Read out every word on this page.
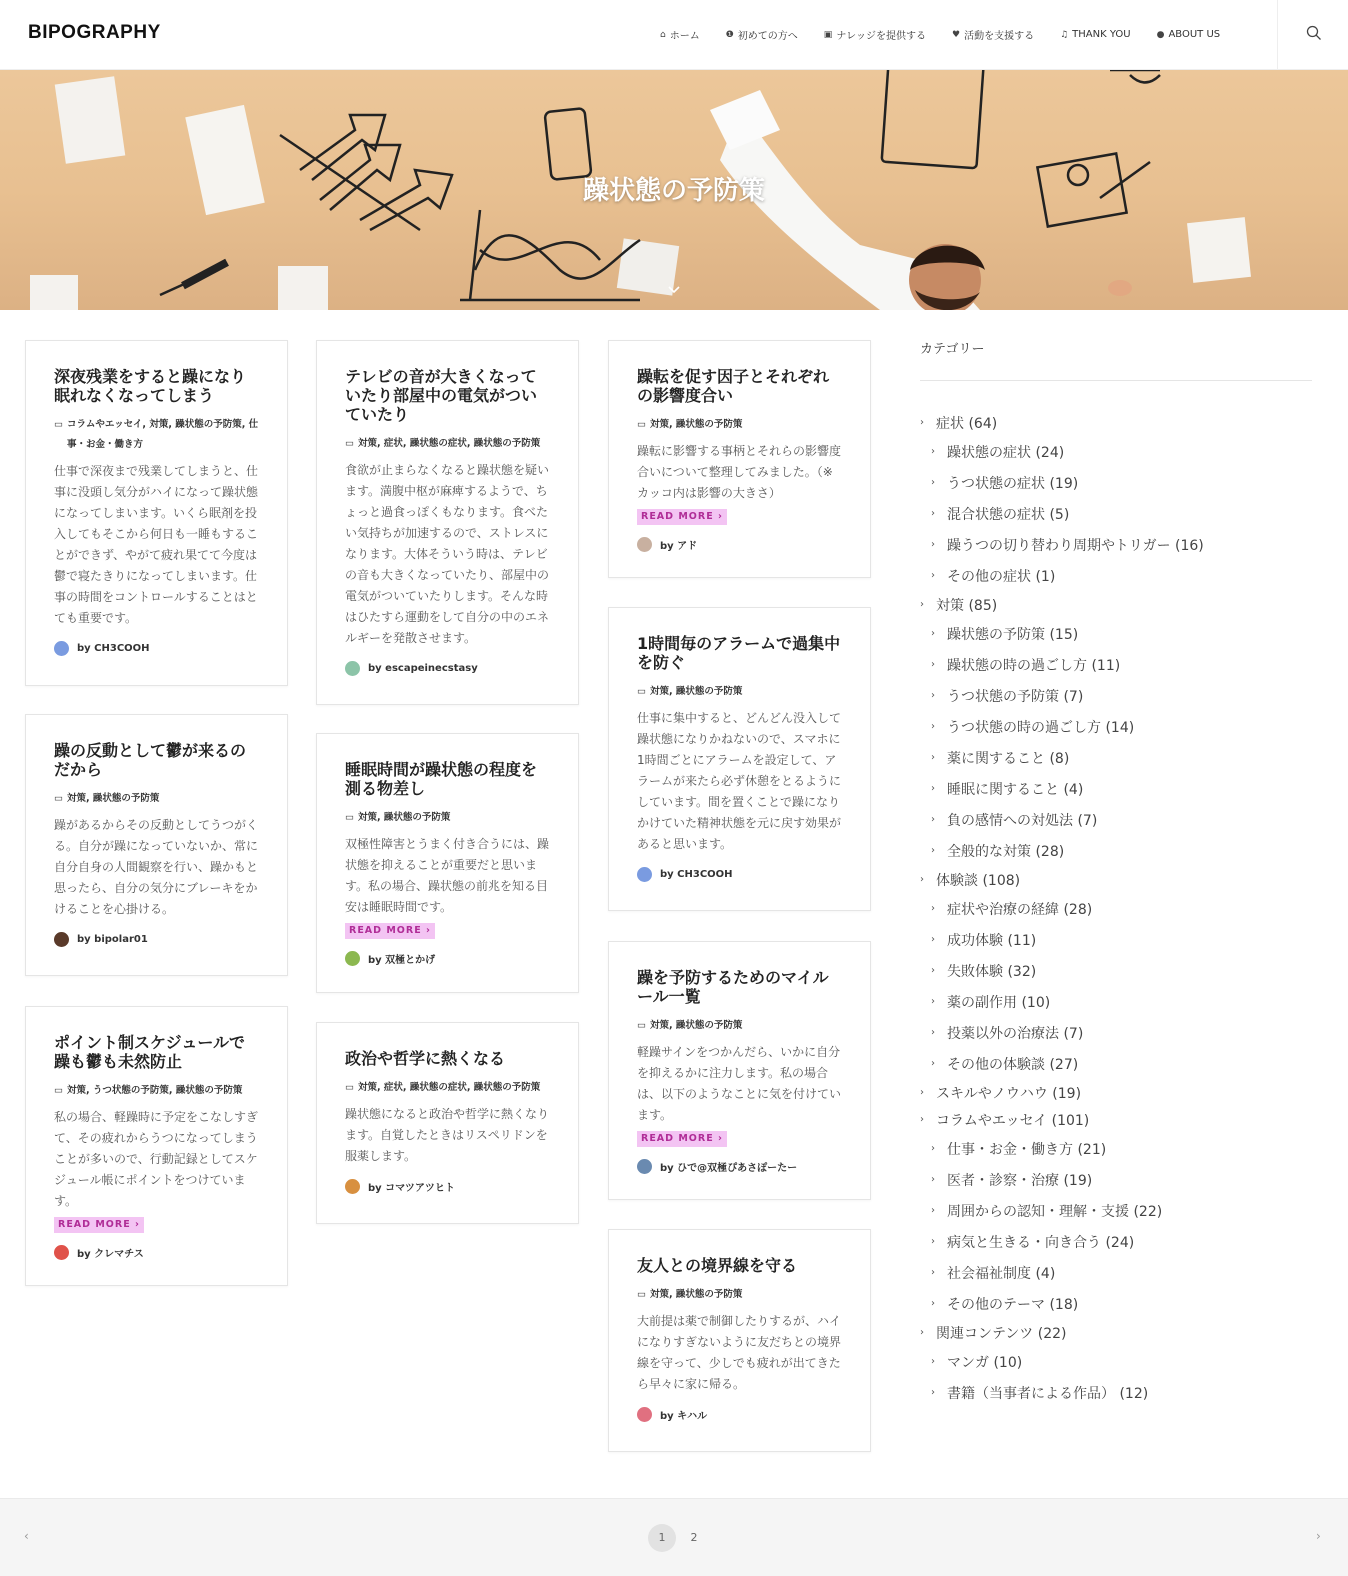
BIPOGRAPHY	⌂ ホーム	❶ 初めての方へ	▣ ナレッジを提供する	♥ 活動を支援する	♫ THANK YOU	● ABOUT US
躁状態の予防策
深夜残業をすると躁になり眠れなくなってしまう
▭ コラムやエッセイ, 対策, 躁状態の予防策, 仕事・お金・働き方
仕事で深夜まで残業してしまうと、仕事に没頭し気分がハイになって躁状態になってしまいます。いくら眠剤を投入してもそこから何日も一睡もすることができず、やがて疲れ果てて今度は鬱で寝たきりになってしまいます。仕事の時間をコントロールすることはとても重要です。
by CH3COOH
躁の反動として鬱が来るのだから
▭ 対策, 躁状態の予防策
躁があるからその反動としてうつがくる。自分が躁になっていないか、常に自分自身の人間観察を行い、躁かもと思ったら、自分の気分にブレーキをかけることを心掛ける。
by bipolar01
ポイント制スケジュールで躁も鬱も未然防止
▭ 対策, うつ状態の予防策, 躁状態の予防策
私の場合、軽躁時に予定をこなしすぎて、その疲れからうつになってしまうことが多いので、行動記録としてスケジュール帳にポイントをつけています。
READ MORE ›
by クレマチス
テレビの音が大きくなっていたり部屋中の電気がついていたり
▭ 対策, 症状, 躁状態の症状, 躁状態の予防策
食欲が止まらなくなると躁状態を疑います。満腹中枢が麻痺するようで、ちょっと過食っぽくもなります。食べたい気持ちが加速するので、ストレスになります。大体そういう時は、テレビの音も大きくなっていたり、部屋中の電気がついていたりします。そんな時はひたすら運動をして自分の中のエネルギーを発散させます。
by escapeinecstasy
睡眠時間が躁状態の程度を測る物差し
▭ 対策, 躁状態の予防策
双極性障害とうまく付き合うには、躁状態を抑えることが重要だと思います。私の場合、躁状態の前兆を知る目安は睡眠時間です。
READ MORE ›
by 双極とかげ
政治や哲学に熱くなる
▭ 対策, 症状, 躁状態の症状, 躁状態の予防策
躁状態になると政治や哲学に熱くなります。自覚したときはリスペリドンを服薬します。
by コマツアツヒト
躁転を促す因子とそれぞれの影響度合い
▭ 対策, 躁状態の予防策
躁転に影響する事柄とそれらの影響度合いについて整理してみました。（※カッコ内は影響の大きさ）
READ MORE ›
by アド
1時間毎のアラームで過集中を防ぐ
▭ 対策, 躁状態の予防策
仕事に集中すると、どんどん没入して躁状態になりかねないので、スマホに1時間ごとにアラームを設定して、アラームが来たら必ず休憩をとるようにしています。間を置くことで躁になりかけていた精神状態を元に戻す効果があると思います。
by CH3COOH
躁を予防するためのマイルール一覧
▭ 対策, 躁状態の予防策
軽躁サインをつかんだら、いかに自分を抑えるかに注力します。私の場合は、以下のようなことに気を付けています。
READ MORE ›
by ひで@双極ぴあさぽーたー
友人との境界線を守る
▭ 対策, 躁状態の予防策
大前提は薬で制御したりするが、ハイになりすぎないように友だちとの境界線を守って、少しでも疲れが出てきたら早々に家に帰る。
by キハル
カテゴリー
› 症状 (64)
› 躁状態の症状 (24)
› うつ状態の症状 (19)
› 混合状態の症状 (5)
› 躁うつの切り替わり周期やトリガー (16)
› その他の症状 (1)
› 対策 (85)
› 躁状態の予防策 (15)
› 躁状態の時の過ごし方 (11)
› うつ状態の予防策 (7)
› うつ状態の時の過ごし方 (14)
› 薬に関すること (8)
› 睡眠に関すること (4)
› 負の感情への対処法 (7)
› 全般的な対策 (28)
› 体験談 (108)
› 症状や治療の経緯 (28)
› 成功体験 (11)
› 失敗体験 (32)
› 薬の副作用 (10)
› 投薬以外の治療法 (7)
› その他の体験談 (27)
› スキルやノウハウ (19)
› コラムやエッセイ (101)
› 仕事・お金・働き方 (21)
› 医者・診察・治療 (19)
› 周囲からの認知・理解・支援 (22)
› 病気と生きる・向き合う (24)
› 社会福祉制度 (4)
› その他のテーマ (18)
› 関連コンテンツ (22)
› マンガ (10)
› 書籍（当事者による作品） (12)
‹	1	2	›
